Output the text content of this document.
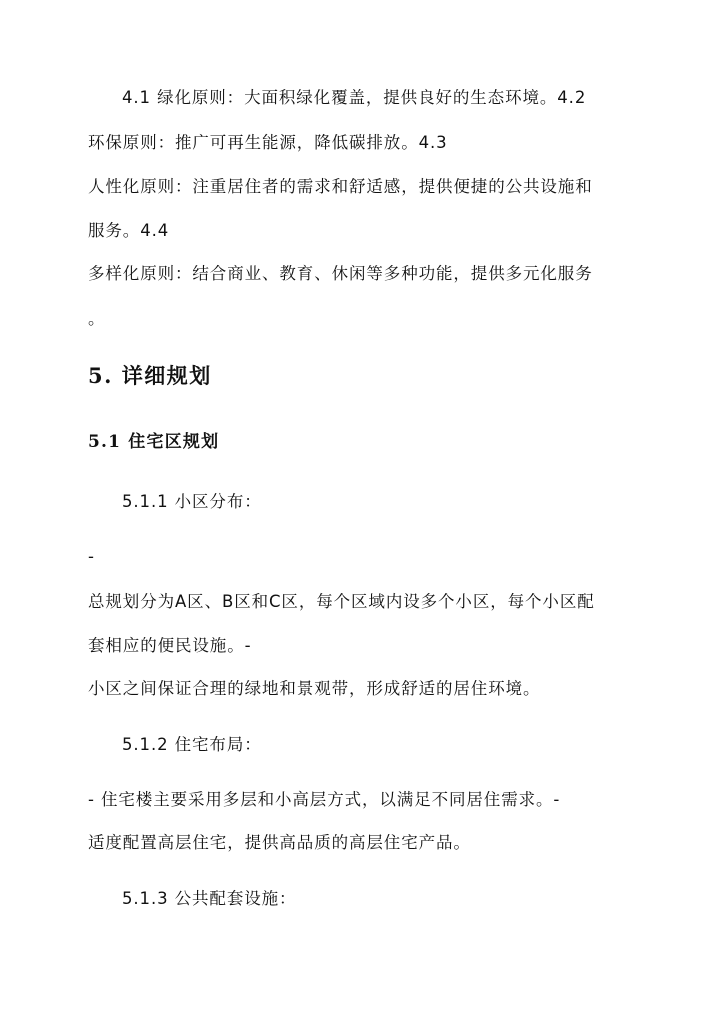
4.1 绿化原则：大面积绿化覆盖，提供良好的生态环境。4.2
环保原则：推广可再生能源，降低碳排放。4.3
人性化原则：注重居住者的需求和舒适感，提供便捷的公共设施和
服务。4.4
多样化原则：结合商业、教育、休闲等多种功能，提供多元化服务
。
5. 详细规划
5.1 住宅区规划
5.1.1 小区分布：
-
总规划分为A区、B区和C区，每个区域内设多个小区，每个小区配
套相应的便民设施。-
小区之间保证合理的绿地和景观带，形成舒适的居住环境。
5.1.2 住宅布局：
- 住宅楼主要采用多层和小高层方式，以满足不同居住需求。-
适度配置高层住宅，提供高品质的高层住宅产品。
5.1.3 公共配套设施：
